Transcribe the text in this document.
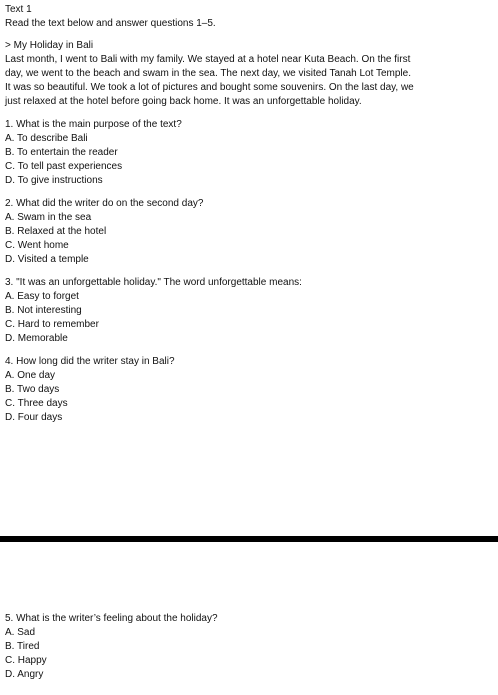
Text 1
Read the text below and answer questions 1–5.
> My Holiday in Bali
Last month, I went to Bali with my family. We stayed at a hotel near Kuta Beach. On the first
day, we went to the beach and swam in the sea. The next day, we visited Tanah Lot Temple.
It was so beautiful. We took a lot of pictures and bought some souvenirs. On the last day, we
just relaxed at the hotel before going back home. It was an unforgettable holiday.
1. What is the main purpose of the text?
A. To describe Bali
B. To entertain the reader
C. To tell past experiences
D. To give instructions
2. What did the writer do on the second day?
A. Swam in the sea
B. Relaxed at the hotel
C. Went home
D. Visited a temple
3. "It was an unforgettable holiday." The word unforgettable means:
A. Easy to forget
B. Not interesting
C. Hard to remember
D. Memorable
4. How long did the writer stay in Bali?
A. One day
B. Two days
C. Three days
D. Four days
5. What is the writer’s feeling about the holiday?
A. Sad
B. Tired
C. Happy
D. Angry
